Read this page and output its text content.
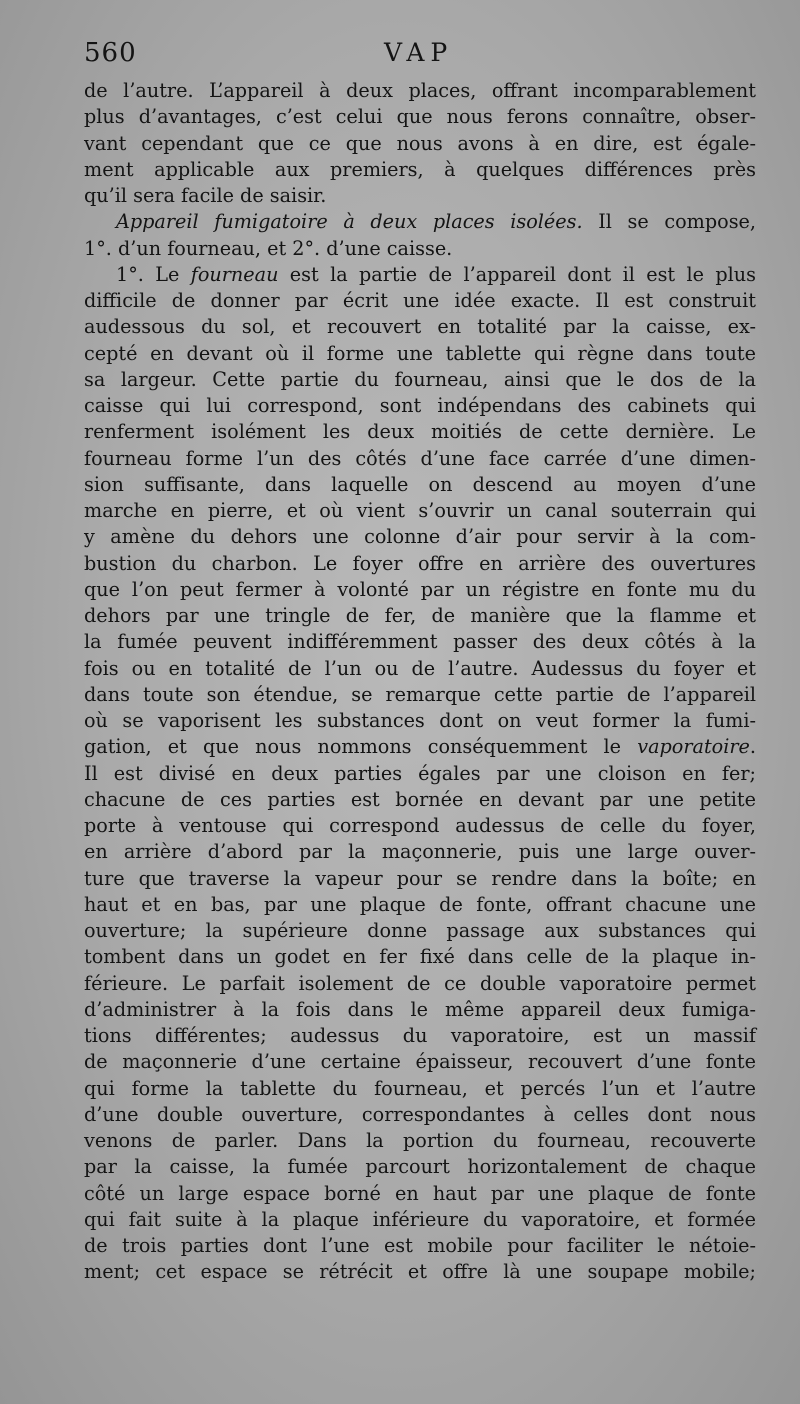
560	VAP
de l’autre. L’appareil à deux places, offrant incomparablement
plus d’avantages, c’est celui que nous ferons connaître, obser-
vant cependant que ce que nous avons à en dire, est égale-
ment applicable aux premiers, à quelques différences près
qu’il sera facile de saisir.
Appareil fumigatoire à deux places isolées. Il se compose,
1°. d’un fourneau, et 2°. d’une caisse.
1°. Le fourneau est la partie de l’appareil dont il est le plus
difficile de donner par écrit une idée exacte. Il est construit
audessous du sol, et recouvert en totalité par la caisse, ex-
cepté en devant où il forme une tablette qui règne dans toute
sa largeur. Cette partie du fourneau, ainsi que le dos de la
caisse qui lui correspond, sont indépendans des cabinets qui
renferment isolément les deux moitiés de cette dernière. Le
fourneau forme l’un des côtés d’une face carrée d’une dimen-
sion suffisante, dans laquelle on descend au moyen d’une
marche en pierre, et où vient s’ouvrir un canal souterrain qui
y amène du dehors une colonne d’air pour servir à la com-
bustion du charbon. Le foyer offre en arrière des ouvertures
que l’on peut fermer à volonté par un régistre en fonte mu du
dehors par une tringle de fer, de manière que la flamme et
la fumée peuvent indifféremment passer des deux côtés à la
fois ou en totalité de l’un ou de l’autre. Audessus du foyer et
dans toute son étendue, se remarque cette partie de l’appareil
où se vaporisent les substances dont on veut former la fumi-
gation, et que nous nommons conséquemment le vaporatoire.
Il est divisé en deux parties égales par une cloison en fer;
chacune de ces parties est bornée en devant par une petite
porte à ventouse qui correspond audessus de celle du foyer,
en arrière d’abord par la maçonnerie, puis une large ouver-
ture que traverse la vapeur pour se rendre dans la boîte; en
haut et en bas, par une plaque de fonte, offrant chacune une
ouverture; la supérieure donne passage aux substances qui
tombent dans un godet en fer fixé dans celle de la plaque in-
férieure. Le parfait isolement de ce double vaporatoire permet
d’administrer à la fois dans le même appareil deux fumiga-
tions différentes; audessus du vaporatoire, est un massif
de maçonnerie d’une certaine épaisseur, recouvert d’une fonte
qui forme la tablette du fourneau, et percés l’un et l’autre
d’une double ouverture, correspondantes à celles dont nous
venons de parler. Dans la portion du fourneau, recouverte
par la caisse, la fumée parcourt horizontalement de chaque
côté un large espace borné en haut par une plaque de fonte
qui fait suite à la plaque inférieure du vaporatoire, et formée
de trois parties dont l’une est mobile pour faciliter le nétoie-
ment; cet espace se rétrécit et offre là une soupape mobile;
